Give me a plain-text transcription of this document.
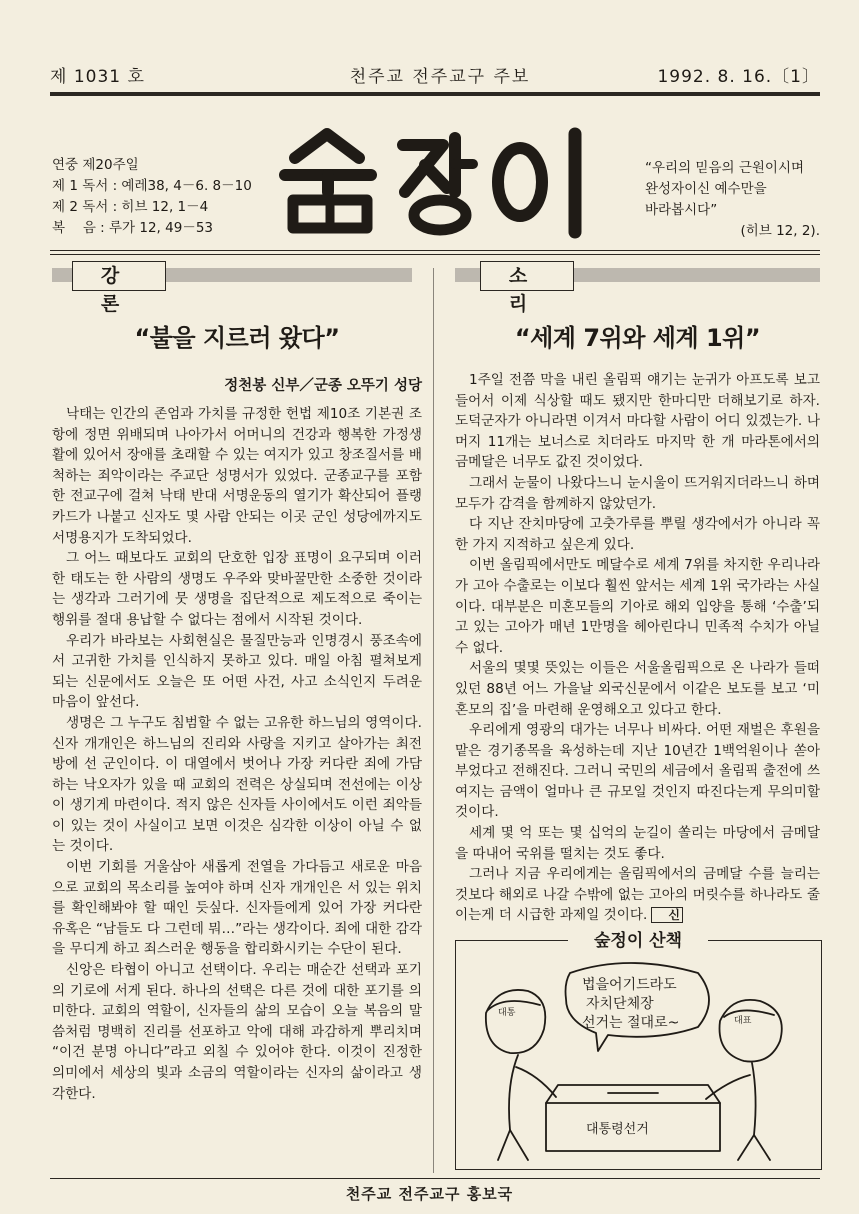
제 1031 호	천주교 전주교구 주보	1992. 8. 16.〔1〕
연중 제20주일
제 1 독서 : 예레38, 4－6. 8－10
제 2 독서 : 히브 12, 1－4
복　 음 : 루가 12, 49－53
“우리의 믿음의 근원이시며
완성자이신 예수만을
바라봅시다”
(히브 12, 2).
강 론
“불을 지르러 왔다”
정천봉 신부／군종 오뚜기 성당

낙태는 인간의 존엄과 가치를 규정한 헌법 제10조 기본권 조항에 정면 위배되며 나아가서 어머니의 건강과 행복한 가정생활에 있어서 장애를 초래할 수 있는 여지가 있고 창조질서를 배척하는 죄악이라는 주교단 성명서가 있었다. 군종교구를 포함한 전교구에 걸쳐 낙태 반대 서명운동의 열기가 확산되어 플랭카드가 나붙고 신자도 몇 사람 안되는 이곳 군인 성당에까지도 서명용지가 도착되었다.

그 어느 때보다도 교회의 단호한 입장 표명이 요구되며 이러한 태도는 한 사람의 생명도 우주와 맞바꿀만한 소중한 것이라는 생각과 그러기에 뭇 생명을 집단적으로 제도적으로 죽이는 행위를 절대 용납할 수 없다는 점에서 시작된 것이다.

우리가 바라보는 사회현실은 물질만능과 인명경시 풍조속에서 고귀한 가치를 인식하지 못하고 있다. 매일 아침 펼쳐보게 되는 신문에서도 오늘은 또 어떤 사건, 사고 소식인지 두려운 마음이 앞선다.

생명은 그 누구도 침범할 수 없는 고유한 하느님의 영역이다. 신자 개개인은 하느님의 진리와 사랑을 지키고 살아가는 최전방에 선 군인이다. 이 대열에서 벗어나 가장 커다란 죄에 가담하는 낙오자가 있을 때 교회의 전력은 상실되며 전선에는 이상이 생기게 마련이다. 적지 않은 신자들 사이에서도 이런 죄악들이 있는 것이 사실이고 보면 이것은 심각한 이상이 아닐 수 없는 것이다.

이번 기회를 거울삼아 새롭게 전열을 가다듬고 새로운 마음으로 교회의 목소리를 높여야 하며 신자 개개인은 서 있는 위치를 확인해봐야 할 때인 듯싶다. 신자들에게 있어 가장 커다란 유혹은 “남들도 다 그런데 뭐…”라는 생각이다. 죄에 대한 감각을 무디게 하고 죄스러운 행동을 합리화시키는 수단이 된다.

신앙은 타협이 아니고 선택이다. 우리는 매순간 선택과 포기의 기로에 서게 된다. 하나의 선택은 다른 것에 대한 포기를 의미한다. 교회의 역할이, 신자들의 삶의 모습이 오늘 복음의 말씀처럼 명백히 진리를 선포하고 악에 대해 과감하게 뿌리치며 “이건 분명 아니다”라고 외칠 수 있어야 한다. 이것이 진정한 의미에서 세상의 빛과 소금의 역할이라는 신자의 삶이라고 생각한다.

소 리
“세계 7위와 세계 1위”

1주일 전쯤 막을 내린 올림픽 얘기는 눈귀가 아프도록 보고 들어서 이제 식상할 때도 됐지만 한마디만 더해보기로 하자. 도덕군자가 아니라면 이겨서 마다할 사람이 어디 있겠는가. 나머지 11개는 보너스로 치더라도 마지막 한 개 마라톤에서의 금메달은 너무도 값진 것이었다.

그래서 눈물이 나왔다느니 눈시울이 뜨거워지더라느니 하며 모두가 감격을 함께하지 않았던가.

다 지난 잔치마당에 고춧가루를 뿌릴 생각에서가 아니라 꼭 한 가지 지적하고 싶은게 있다.

이번 올림픽에서만도 메달수로 세계 7위를 차지한 우리나라가 고아 수출로는 이보다 훨씬 앞서는 세계 1위 국가라는 사실이다. 대부분은 미혼모들의 기아로 해외 입양을 통해 ‘수출’되고 있는 고아가 매년 1만명을 헤아린다니 민족적 수치가 아닐 수 없다.

서울의 몇몇 뜻있는 이들은 서울올림픽으로 온 나라가 들떠 있던 88년 어느 가을날 외국신문에서 이같은 보도를 보고 ‘미혼모의 집’을 마련해 운영해오고 있다고 한다.

우리에게 영광의 대가는 너무나 비싸다. 어떤 재벌은 후원을 맡은 경기종목을 육성하는데 지난 10년간 1백억원이나 쏟아 부었다고 전해진다. 그러니 국민의 세금에서 올림픽 출전에 쓰여지는 금액이 얼마나 큰 규모일 것인지 따진다는게 무의미할 것이다.

세계 몇 억 또는 몇 십억의 눈길이 쏠리는 마당에서 금메달을 따내어 국위를 떨치는 것도 좋다.

그러나 지금 우리에게는 올림픽에서의 금메달 수를 늘리는 것보다 해외로 나갈 수밖에 없는 고아의 머릿수를 하나라도 줄이는게 더 시급한 과제일 것이다. 신

숲정이 산책
법을어기드라도
자치단체장
선거는 절대로~
대통령선거
대통
대표
천주교 전주교구 홍보국
